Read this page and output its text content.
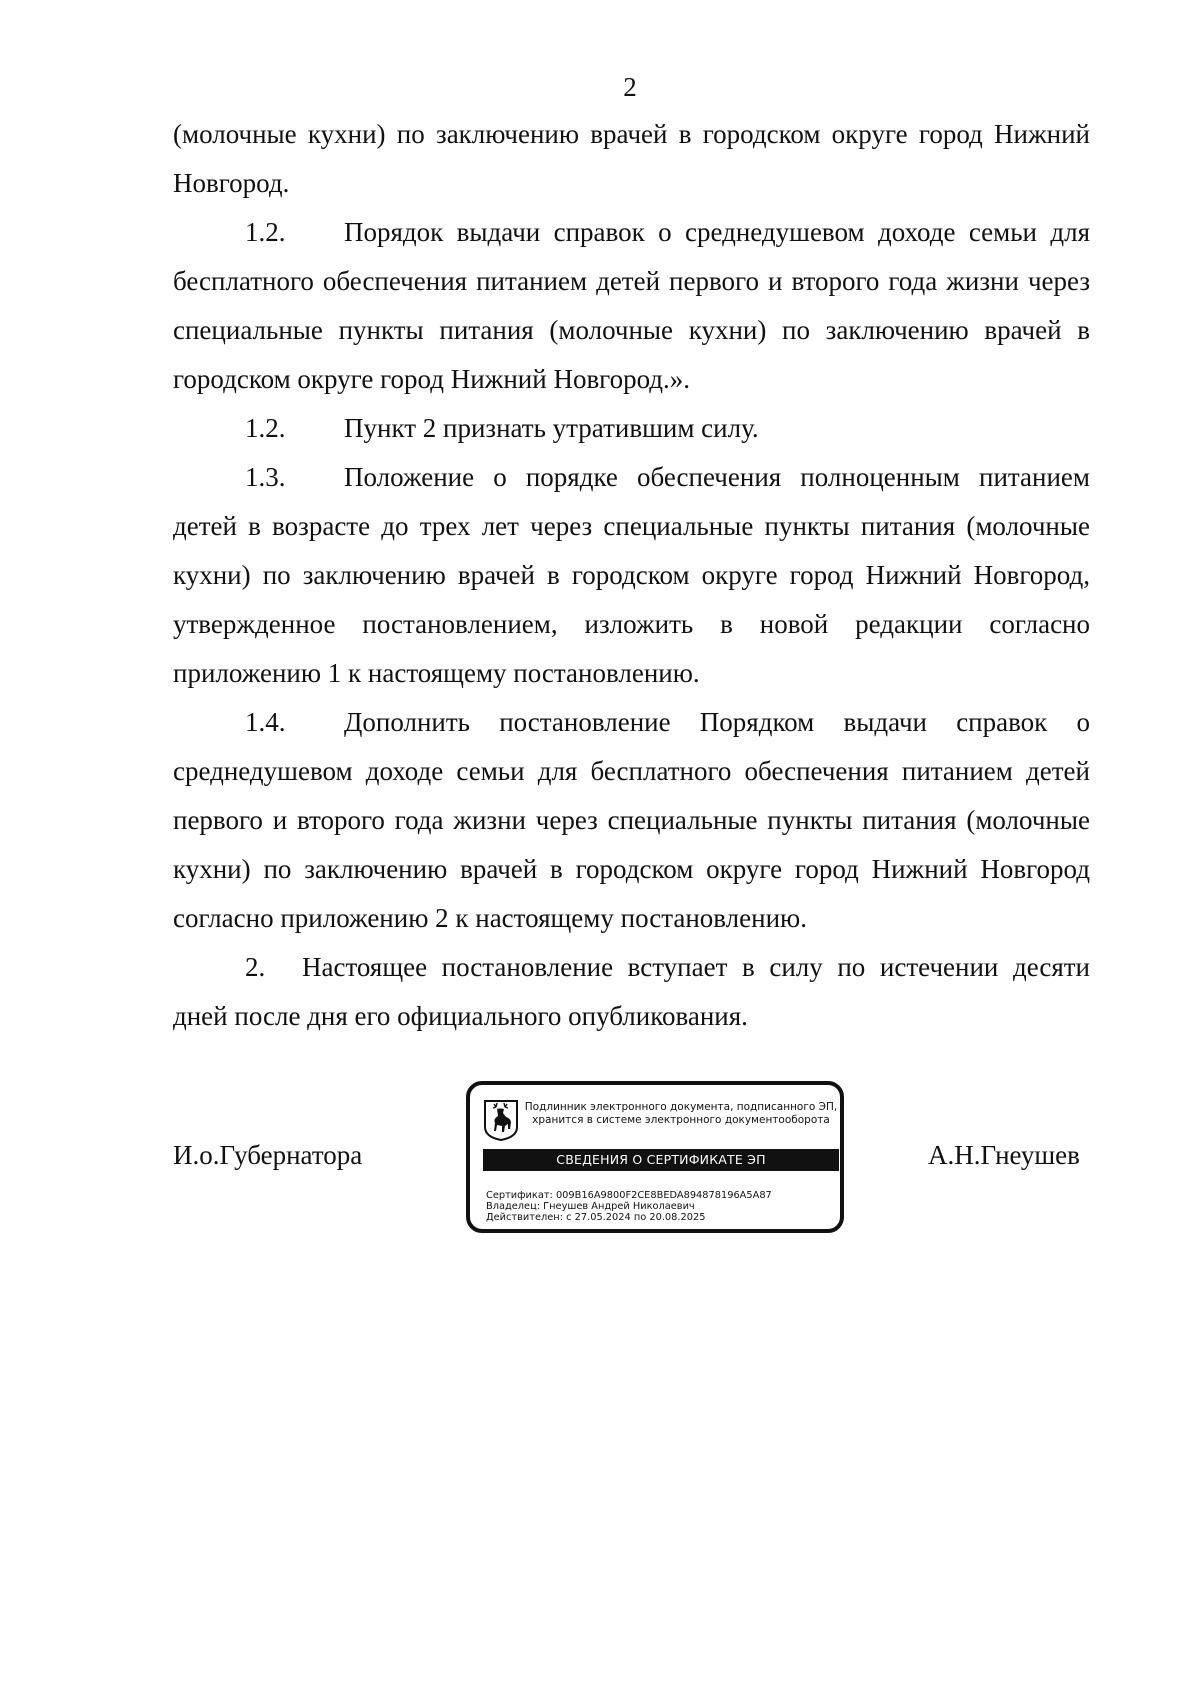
2

(молочные кухни) по заключению врачей в городском округе город Нижний Новгород.

1.2. Порядок выдачи справок о среднедушевом доходе семьи для бесплатного обеспечения питанием детей первого и второго года жизни через специальные пункты питания (молочные кухни) по заключению врачей в городском округе город Нижний Новгород.».

1.2. Пункт 2 признать утратившим силу.

1.3. Положение о порядке обеспечения полноценным питанием детей в возрасте до трех лет через специальные пункты питания (молочные кухни) по заключению врачей в городском округе город Нижний Новгород, утвержденное постановлением, изложить в новой редакции согласно приложению 1 к настоящему постановлению.

1.4. Дополнить постановление Порядком выдачи справок о среднедушевом доходе семьи для бесплатного обеспечения питанием детей первого и второго года жизни через специальные пункты питания (молочные кухни) по заключению врачей в городском округе город Нижний Новгород согласно приложению 2 к настоящему постановлению.

2. Настоящее постановление вступает в силу по истечении десяти дней после дня его официального опубликования.

И.о.Губернатора
Подлинник электронного документа, подписанного ЭП,
хранится в системе электронного документооборота
СВЕДЕНИЯ О СЕРТИФИКАТЕ ЭП
Сертификат: 009B16A9800F2CE8BEDA894878196A5A87
Владелец: Гнеушев Андрей Николаевич
Действителен: с 27.05.2024 по 20.08.2025
А.Н.Гнеушев
